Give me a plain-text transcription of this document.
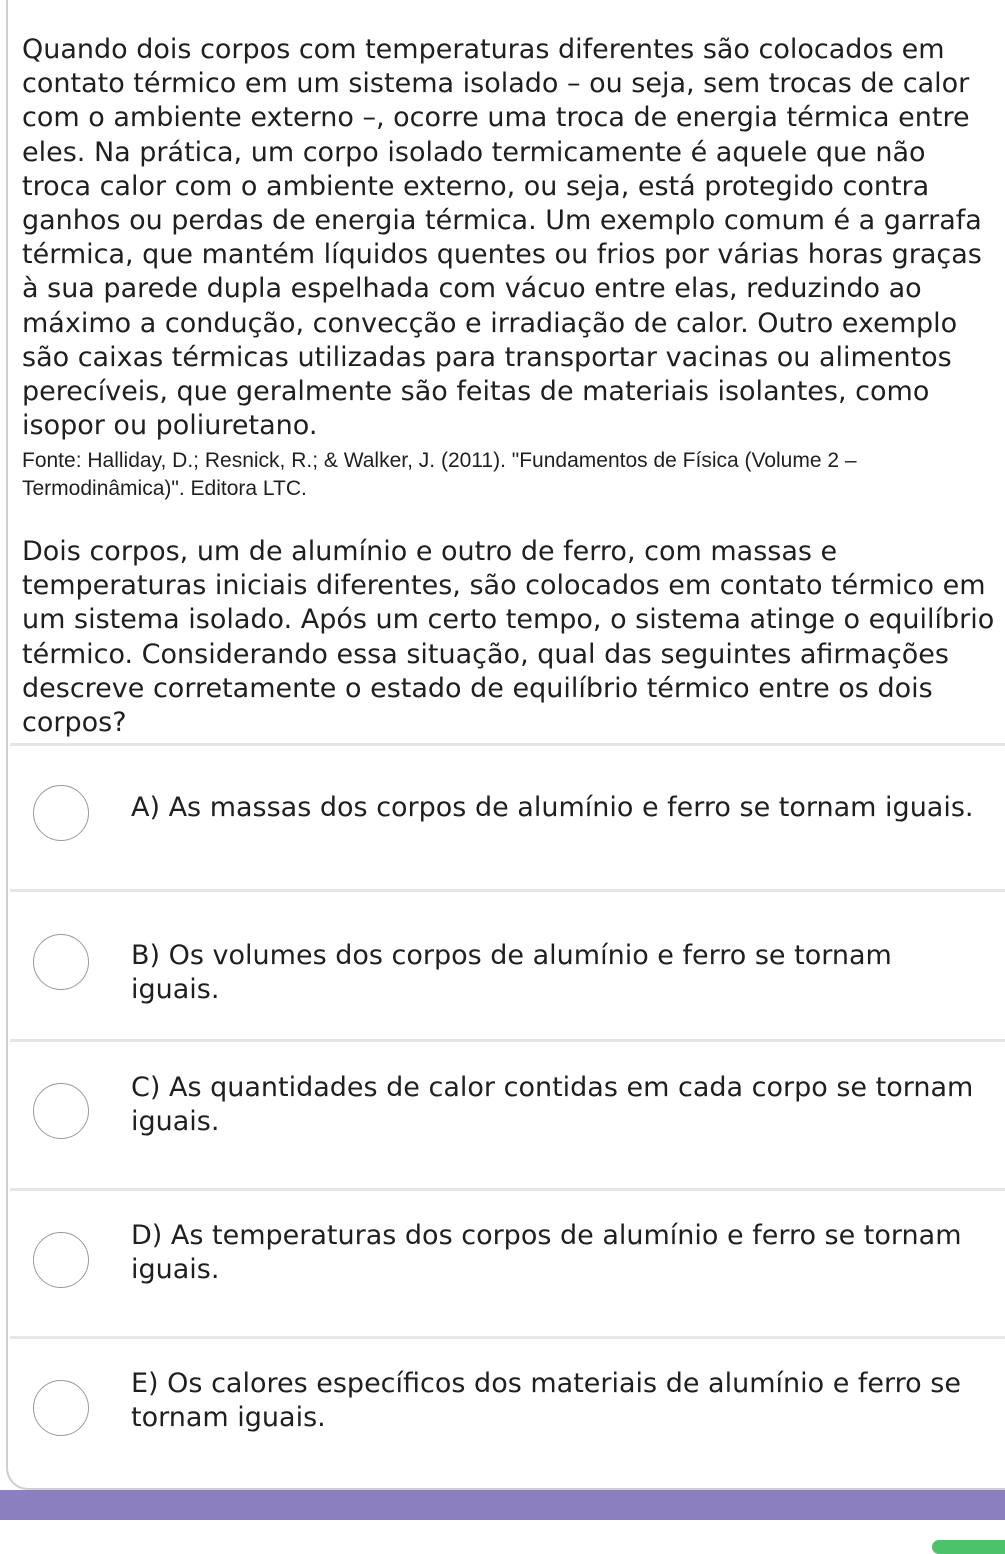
Quando dois corpos com temperaturas diferentes são colocados em contato térmico em um sistema isolado – ou seja, sem trocas de calor com o ambiente externo –, ocorre uma troca de energia térmica entre eles. Na prática, um corpo isolado termicamente é aquele que não troca calor com o ambiente externo, ou seja, está protegido contra ganhos ou perdas de energia térmica. Um exemplo comum é a garrafa térmica, que mantém líquidos quentes ou frios por várias horas graças à sua parede dupla espelhada com vácuo entre elas, reduzindo ao máximo a condução, convecção e irradiação de calor. Outro exemplo são caixas térmicas utilizadas para transportar vacinas ou alimentos perecíveis, que geralmente são feitas de materiais isolantes, como isopor ou poliuretano.
Fonte: Halliday, D.; Resnick, R.; & Walker, J. (2011). "Fundamentos de Física (Volume 2 – Termodinâmica)". Editora LTC.
Dois corpos, um de alumínio e outro de ferro, com massas e temperaturas iniciais diferentes, são colocados em contato térmico em um sistema isolado. Após um certo tempo, o sistema atinge o equilíbrio térmico. Considerando essa situação, qual das seguintes afirmações descreve corretamente o estado de equilíbrio térmico entre os dois corpos?
A) As massas dos corpos de alumínio e ferro se tornam iguais.
B) Os volumes dos corpos de alumínio e ferro se tornam iguais.
C) As quantidades de calor contidas em cada corpo se tornam iguais.
D) As temperaturas dos corpos de alumínio e ferro se tornam iguais.
E) Os calores específicos dos materiais de alumínio e ferro se tornam iguais.
